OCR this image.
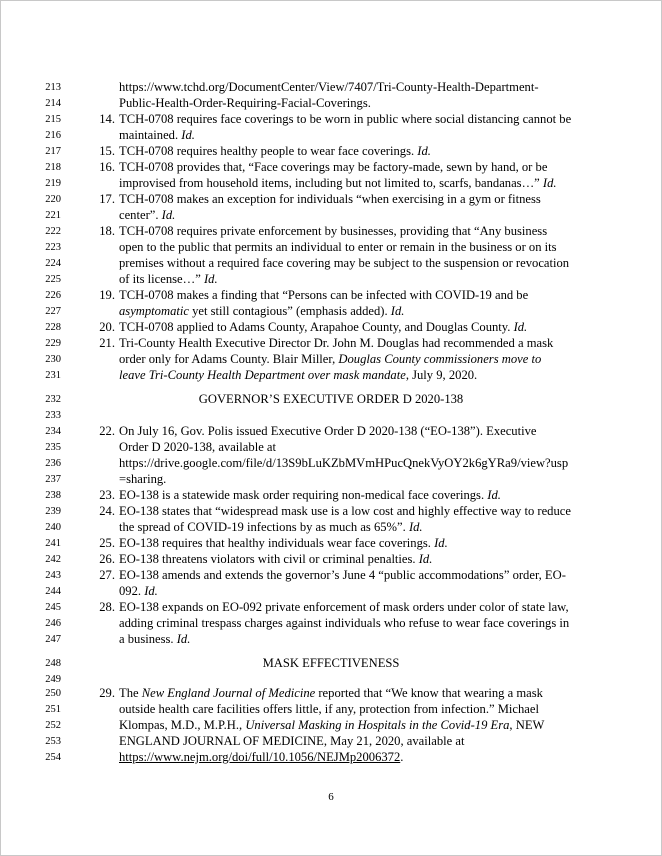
213
214
215
216
217
218
219
220
221
222
223
224
225
226
227
228
229
230
231
232
233
234
235
236
237
238
239
240
241
242
243
244
245
246
247
248
249
250
251
252
253
254
https://www.tchd.org/DocumentCenter/View/7407/Tri-County-Health-Department-
Public-Health-Order-Requiring-Facial-Coverings.
14. TCH-0708 requires face coverings to be worn in public where social distancing cannot be
maintained. Id.
15. TCH-0708 requires healthy people to wear face coverings. Id.
16. TCH-0708 provides that, “Face coverings may be factory-made, sewn by hand, or be
improvised from household items, including but not limited to, scarfs, bandanas…” Id.
17. TCH-0708 makes an exception for individuals “when exercising in a gym or fitness
center”. Id.
18. TCH-0708 requires private enforcement by businesses, providing that “Any business
open to the public that permits an individual to enter or remain in the business or on its
premises without a required face covering may be subject to the suspension or revocation
of its license…” Id.
19. TCH-0708 makes a finding that “Persons can be infected with COVID-19 and be
asymptomatic yet still contagious” (emphasis added). Id.
20. TCH-0708 applied to Adams County, Arapahoe County, and Douglas County. Id.
21. Tri-County Health Executive Director Dr. John M. Douglas had recommended a mask
order only for Adams County. Blair Miller, Douglas County commissioners move to
leave Tri-County Health Department over mask mandate, July 9, 2020.
GOVERNOR’S EXECUTIVE ORDER D 2020-138
22. On July 16, Gov. Polis issued Executive Order D 2020-138 (“EO-138”). Executive
Order D 2020-138, available at
https://drive.google.com/file/d/13S9bLuKZbMVmHPucQnekVyOY2k6gYRa9/view?usp
=sharing.
23. EO-138 is a statewide mask order requiring non-medical face coverings. Id.
24. EO-138 states that “widespread mask use is a low cost and highly effective way to reduce
the spread of COVID-19 infections by as much as 65%”. Id.
25. EO-138 requires that healthy individuals wear face coverings. Id.
26. EO-138 threatens violators with civil or criminal penalties. Id.
27. EO-138 amends and extends the governor’s June 4 “public accommodations” order, EO-
092. Id.
28. EO-138 expands on EO-092 private enforcement of mask orders under color of state law,
adding criminal trespass charges against individuals who refuse to wear face coverings in
a business. Id.
MASK EFFECTIVENESS
29. The New England Journal of Medicine reported that “We know that wearing a mask
outside health care facilities offers little, if any, protection from infection.” Michael
Klompas, M.D., M.P.H., Universal Masking in Hospitals in the Covid-19 Era, NEW
ENGLAND JOURNAL OF MEDICINE, May 21, 2020, available at
https://www.nejm.org/doi/full/10.1056/NEJMp2006372.
6
